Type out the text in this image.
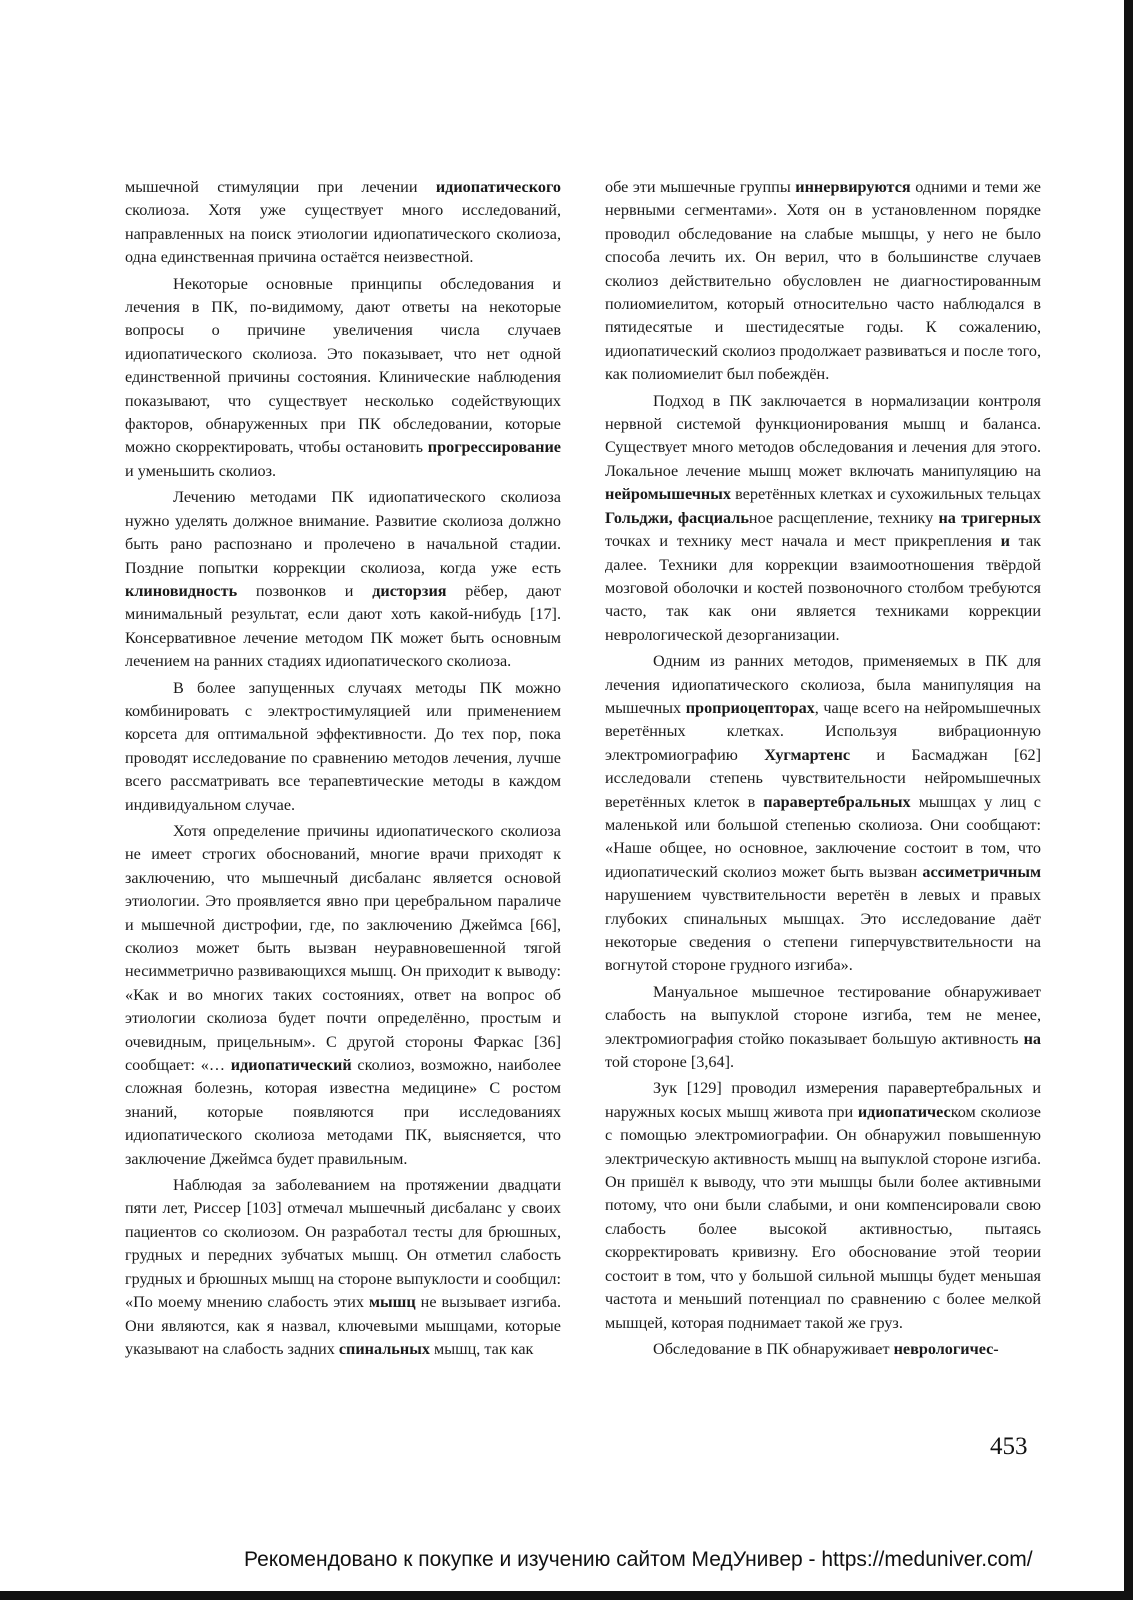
мышечной стимуляции при лечении идиопатического сколиоза. Хотя уже существует много исследований, направленных на поиск этиологии идиопатического сколиоза, одна единственная причина остаётся неизвестной.

Некоторые основные принципы обследования и лечения в ПК, по-видимому, дают ответы на некоторые вопросы о причине увеличения числа случаев идиопатического сколиоза. Это показывает, что нет одной единственной причины состояния. Клинические наблюдения показывают, что существует несколько содействующих факторов, обнаруженных при ПК обследовании, которые можно скорректировать, чтобы остановить прогрессирование и уменьшить сколиоз.

Лечению методами ПК идиопатического сколиоза нужно уделять должное внимание. Развитие сколиоза должно быть рано распознано и пролечено в начальной стадии. Поздние попытки коррекции сколиоза, когда уже есть клиновидность позвонков и дисторзия рёбер, дают минимальный результат, если дают хоть какой-нибудь [17]. Консервативное лечение методом ПК может быть основным лечением на ранних стадиях идиопатического сколиоза.

В более запущенных случаях методы ПК можно комбинировать с электростимуляцией или применением корсета для оптимальной эффективности. До тех пор, пока проводят исследование по сравнению методов лечения, лучше всего рассматривать все терапевтические методы в каждом индивидуальном случае.

Хотя определение причины идиопатического сколиоза не имеет строгих обоснований, многие врачи приходят к заключению, что мышечный дисбаланс является основой этиологии. Это проявляется явно при церебральном параличе и мышечной дистрофии, где, по заключению Джеймса [66], сколиоз может быть вызван неуравновешенной тягой несимметрично развивающихся мышц. Он приходит к выводу: «Как и во многих таких состояниях, ответ на вопрос об этиологии сколиоза будет почти определённо, простым и очевидным, прицельным». С другой стороны Фаркас [36] сообщает: «… идиопатический сколиоз, возможно, наиболее сложная болезнь, которая известна медицине» С ростом знаний, которые появляются при исследованиях идиопатического сколиоза методами ПК, выясняется, что заключение Джеймса будет правильным.

Наблюдая за заболеванием на протяжении двадцати пяти лет, Риссер [103] отмечал мышечный дисбаланс у своих пациентов со сколиозом. Он разработал тесты для брюшных, грудных и передних зубчатых мышц. Он отметил слабость грудных и брюшных мышц на стороне выпуклости и сообщил: «По моему мнению слабость этих мышц не вызывает изгиба. Они являются, как я назвал, ключевыми мышцами, которые указывают на слабость задних спинальных мышц, так как

обе эти мышечные группы иннервируются одними и теми же нервными сегментами». Хотя он в установленном порядке проводил обследование на слабые мышцы, у него не было способа лечить их. Он верил, что в большинстве случаев сколиоз действительно обусловлен не диагностированным полиомиелитом, который относительно часто наблюдался в пятидесятые и шестидесятые годы. К сожалению, идиопатический сколиоз продолжает развиваться и после того, как полиомиелит был побеждён.

Подход в ПК заключается в нормализации контроля нервной системой функционирования мышц и баланса. Существует много методов обследования и лечения для этого. Локальное лечение мышц может включать манипуляцию на нейромышечных веретённых клетках и сухожильных тельцах Гольджи, фасциальное расщепление, технику на тригерных точках и технику мест начала и мест прикрепления и так далее. Техники для коррекции взаимоотношения твёрдой мозговой оболочки и костей позвоночного столбом требуются часто, так как они является техниками коррекции неврологической дезорганизации.

Одним из ранних методов, применяемых в ПК для лечения идиопатического сколиоза, была манипуляция на мышечных проприоцепторах, чаще всего на нейромышечных веретённых клетках. Используя вибрационную электромиографию Хугмартенс и Басмаджан [62] исследовали степень чувствительности нейромышечных веретённых клеток в паравертебральных мышцах у лиц с маленькой или большой степенью сколиоза. Они сообщают: «Наше общее, но основное, заключение состоит в том, что идиопатический сколиоз может быть вызван ассиметричным нарушением чувствительности веретён в левых и правых глубоких спинальных мышцах. Это исследование даёт некоторые сведения о степени гиперчувствительности на вогнутой стороне грудного изгиба».

Мануальное мышечное тестирование обнаруживает слабость на выпуклой стороне изгиба, тем не менее, электромиография стойко показывает большую активность на той стороне [3,64].

Зук [129] проводил измерения паравертебральных и наружных косых мышц живота при идиопатическом сколиозе с помощью электромиографии. Он обнаружил повышенную электрическую активность мышц на выпуклой стороне изгиба. Он пришёл к выводу, что эти мышцы были более активными потому, что они были слабыми, и они компенсировали свою слабость более высокой активностью, пытаясь скорректировать кривизну. Его обоснование этой теории состоит в том, что у большой сильной мышцы будет меньшая частота и меньший потенциал по сравнению с более мелкой мышцей, которая поднимает такой же груз.

Обследование в ПК обнаруживает неврологичес-

453
Рекомендовано к покупке и изучению сайтом МедУнивер - https://meduniver.com/
